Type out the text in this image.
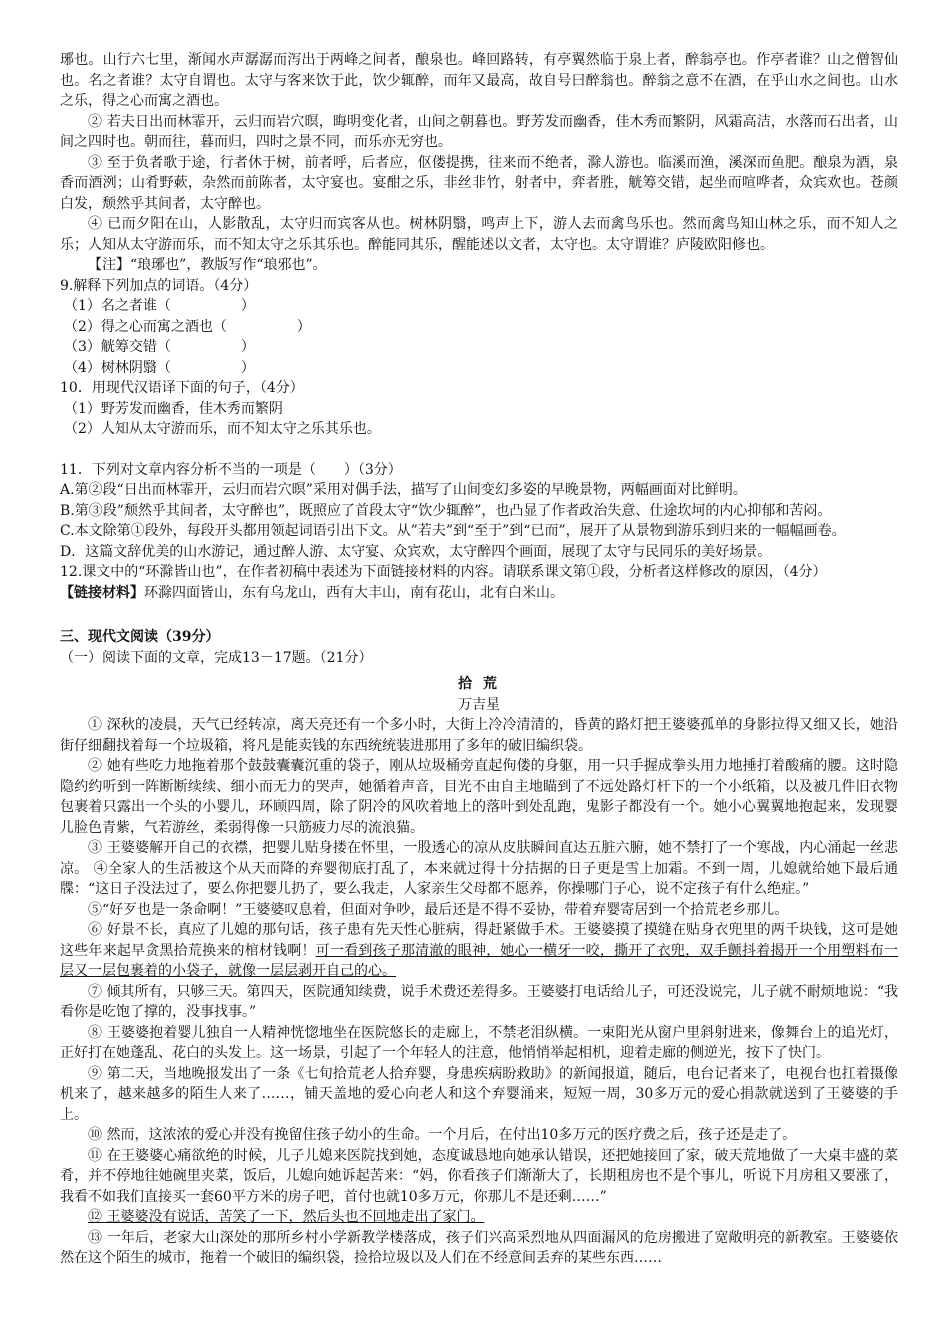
琊也。山行六七里，渐闻水声潺潺而泻出于两峰之间者，酿泉也。峰回路转，有亭翼然临于泉上者，醉翁亭也。作亭者谁？山之僧智仙也。名之者谁？太守自谓也。太守与客来饮于此，饮少辄醉，而年又最高，故自号曰醉翁也。醉翁之意不在酒，在乎山水之间也。山水之乐，得之心而寓之酒也。

② 若夫日出而林霏开，云归而岩穴暝，晦明变化者，山间之朝暮也。野芳发而幽香，佳木秀而繁阴，风霜高洁，水落而石出者，山间之四时也。朝而往，暮而归，四时之景不同，而乐亦无穷也。

③ 至于负者歌于途，行者休于树，前者呼，后者应，伛偻提携，往来而不绝者，滁人游也。临溪而渔，溪深而鱼肥。酿泉为酒，泉香而酒洌；山肴野蔌，杂然而前陈者，太守宴也。宴酣之乐，非丝非竹，射者中，弈者胜，觥筹交错，起坐而喧哗者，众宾欢也。苍颜白发，颓然乎其间者，太守醉也。

④ 已而夕阳在山，人影散乱，太守归而宾客从也。树林阴翳，鸣声上下，游人去而禽鸟乐也。然而禽鸟知山林之乐，而不知人之乐；人知从太守游而乐，而不知太守之乐其乐也。醉能同其乐，醒能述以文者，太守也。太守谓谁？庐陵欧阳修也。

【注】“琅琊也”，教版写作“琅邪也”。

9.解释下列加点的词语。（4分）

（1）名之者谁（	）

（2）得之心而寓之酒也（	）

（3）觥筹交错（	）

（4）树林阴翳（	）

10．用现代汉语译下面的句子，（4分）

（1）野芳发而幽香，佳木秀而繁阴

（2）人知从太守游而乐，而不知太守之乐其乐也。

11．下列对文章内容分析不当的一项是（　　）（3分）

A.第②段“日出而林霏开，云归而岩穴暝”采用对偶手法，描写了山间变幻多姿的早晚景物，两幅画面对比鲜明。

B.第③段”颓然乎其间者，太守醉也”，既照应了首段太守“饮少辄醉”，也凸显了作者政治失意、仕途坎坷的内心抑郁和苦闷。

C.本文除第①段外，每段开头都用领起词语引出下文。从”若夫”到“至于”到“已而”，展开了从景物到游乐到归来的一幅幅画卷。

D．这篇文辞优美的山水游记，通过醉人游、太守宴、众宾欢，太守醉四个画面，展现了太守与民同乐的美好场景。

12.课文中的“环滁皆山也”，在作者初稿中表述为下面链接材料的内容。请联系课文第①段，分析者这样修改的原因，（4分）

【链接材料】环滁四面皆山，东有乌龙山，西有大丰山，南有花山，北有白米山。

三、现代文阅读（39分）

（一）阅读下面的文章，完成13－17题。（21分）

拾 荒

万吉星

① 深秋的凌晨，天气已经转凉，离天亮还有一个多小时，大街上冷冷清清的，昏黄的路灯把王婆婆孤单的身影拉得又细又长，她沿街仔细翻找着每一个垃圾箱，将凡是能卖钱的东西统统装进那用了多年的破旧编织袋。

② 她有些吃力地拖着那个鼓鼓囊囊沉重的袋子，刚从垃圾桶旁直起佝偻的身躯，用一只手握成拳头用力地捶打着酸痛的腰。这时隐隐约约听到一阵断断续续、细小而无力的哭声，她循着声音，目光不由自主地瞄到了不远处路灯杆下的一个小纸箱，以及被几件旧衣物包裹着只露出一个头的小婴儿，环顾四周，除了阴冷的风吹着地上的落叶到处乱跑，鬼影子都没有一个。她小心翼翼地抱起来，发现婴儿脸色青紫，气若游丝，柔弱得像一只筋疲力尽的流浪猫。

③ 王婆婆解开自己的衣襟，把婴儿贴身搂在怀里，一股透心的凉从皮肤瞬间直达五脏六腑，她不禁打了一个寒战，内心涌起一丝悲凉。 ④全家人的生活被这个从天而降的弃婴彻底打乱了，本来就过得十分拮据的日子更是雪上加霜。不到一周，儿媳就给她下最后通牒：“这日子没法过了，要么你把婴儿扔了，要么我走，人家亲生父母都不愿养，你操哪门子心，说不定孩子有什么绝症。”

⑤“好歹也是一条命啊！”王婆婆叹息着，但面对争吵，最后还是不得不妥协，带着弃婴寄居到一个拾荒老乡那儿。

⑥ 好景不长，真应了儿媳的那句话，孩子患有先天性心脏病，得赶紧做手术。王婆婆摸了摸缝在贴身衣兜里的两千块钱，这可是她这些年来起早贪黑拾荒换来的棺材钱啊！可一看到孩子那清澈的眼神，她心一横牙一咬，撕开了衣兜，双手颤抖着揭开一个用塑料布一层又一层包裹着的小袋子，就像一层层剥开自己的心。

⑦ 倾其所有，只够三天。第四天，医院通知续费，说手术费还差得多。王婆婆打电话给儿子，可还没说完，儿子就不耐烦地说：“我看你是吃饱了撑的，没事找事。”

⑧ 王婆婆抱着婴儿独自一人精神恍惚地坐在医院悠长的走廊上，不禁老泪纵横。一束阳光从窗户里斜射进来，像舞台上的追光灯，正好打在她蓬乱、花白的头发上。这一场景，引起了一个年轻人的注意，他悄悄举起相机，迎着走廊的侧逆光，按下了快门。

⑨ 第二天，当地晚报发出了一条《七旬拾荒老人拾弃婴，身患疾病盼救助》的新闻报道，随后，电台记者来了，电视台也扛着摄像机来了，越来越多的陌生人来了……，铺天盖地的爱心向老人和这个弃婴涌来，短短一周，30多万元的爱心捐款就送到了王婆婆的手上。

⑩ 然而，这浓浓的爱心并没有挽留住孩子幼小的生命。一个月后，在付出10多万元的医疗费之后，孩子还是走了。

⑪ 在王婆婆心痛欲绝的时候，儿子儿媳来医院找到她，态度诚恳地向她承认错误，还把她接回了家，破天荒地做了一大桌丰盛的菜肴，并不停地往她碗里夹菜，饭后，儿媳向她诉起苦来：“妈，你看孩子们渐渐大了，长期租房也不是个事儿，听说下月房租又要涨了，我看不如我们直接买一套60平方米的房子吧，首付也就10多万元，你那儿不是还剩……”

⑫ 王婆婆没有说话，苦笑了一下，然后头也不回地走出了家门。

⑬ 一年后，老家大山深处的那所乡村小学新教学楼落成，孩子们兴高采烈地从四面漏风的危房搬进了宽敞明亮的新教室。王婆婆依然在这个陌生的城市，拖着一个破旧的编织袋，捡拾垃圾以及人们在不经意间丢弃的某些东西……
